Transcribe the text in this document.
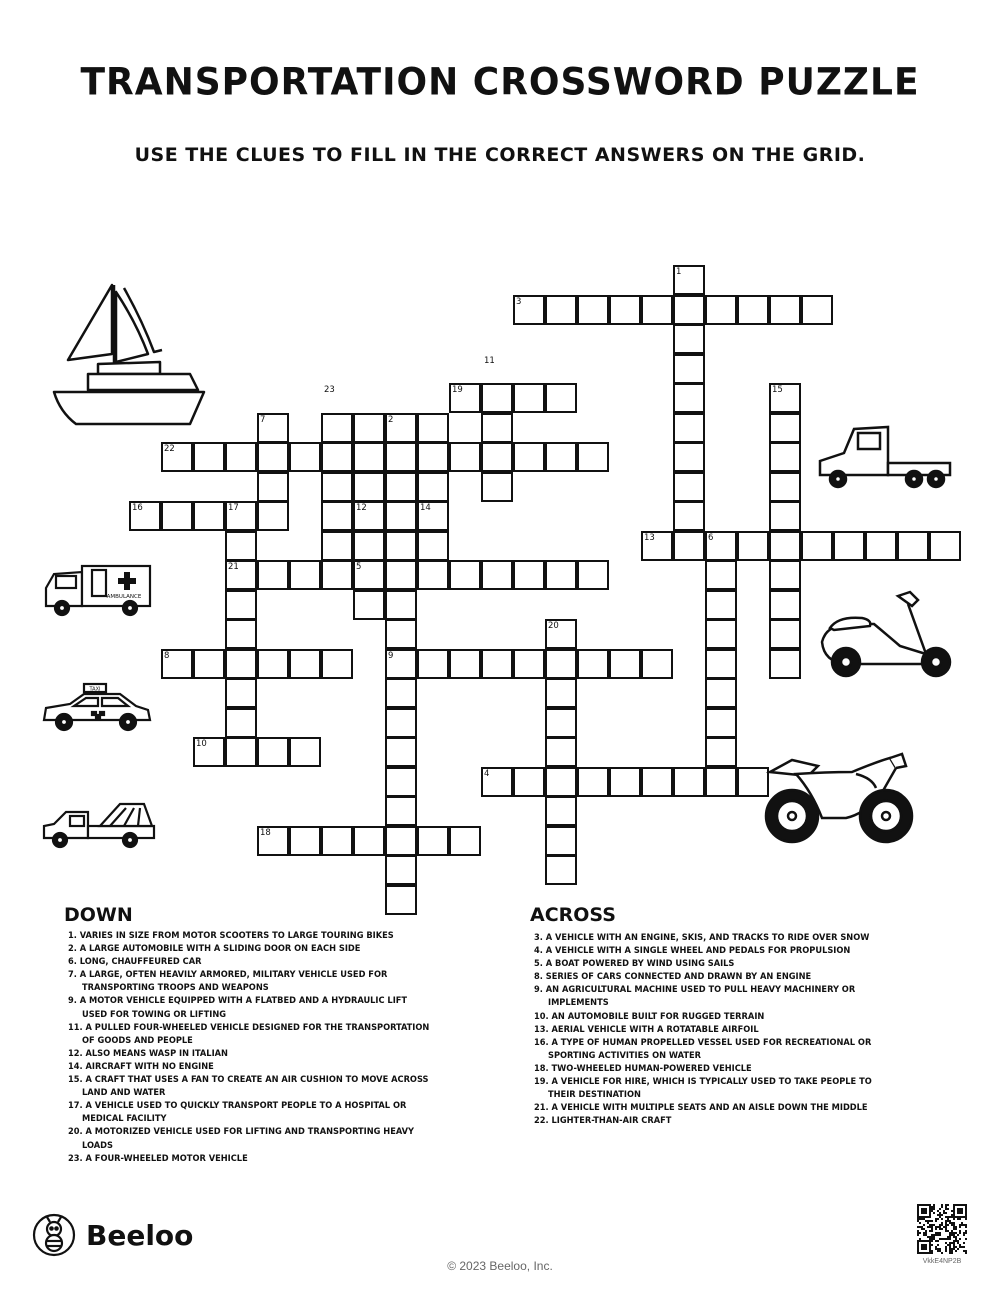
TRANSPORTATION CROSSWORD PUZZLE
USE THE CLUES TO FILL IN THE CORRECT ANSWERS ON THE GRID.
1
2
3
4
5
6
7
8	9
10
11
12
13
14
15
16	17
18
19
20
21
22
23
AMBULANCE
TAXI
DOWN	ACROSS
1. VARIES IN SIZE FROM MOTOR SCOOTERS TO LARGE TOURING BIKES
2. A LARGE AUTOMOBILE WITH A SLIDING DOOR ON EACH SIDE
6. LONG, CHAUFFEURED CAR
7. A LARGE, OFTEN HEAVILY ARMORED, MILITARY VEHICLE USED FOR TRANSPORTING TROOPS AND WEAPONS
9. A MOTOR VEHICLE EQUIPPED WITH A FLATBED AND A HYDRAULIC LIFT USED FOR TOWING OR LIFTING
11. A PULLED FOUR-WHEELED VEHICLE DESIGNED FOR THE TRANSPORTATION OF GOODS AND PEOPLE
12. ALSO MEANS WASP IN ITALIAN
14. AIRCRAFT WITH NO ENGINE
15. A CRAFT THAT USES A FAN TO CREATE AN AIR CUSHION TO MOVE ACROSS LAND AND WATER
17. A VEHICLE USED TO QUICKLY TRANSPORT PEOPLE TO A HOSPITAL OR MEDICAL FACILITY
20. A MOTORIZED VEHICLE USED FOR LIFTING AND TRANSPORTING HEAVY LOADS
23. A FOUR-WHEELED MOTOR VEHICLE
3. A VEHICLE WITH AN ENGINE, SKIS, AND TRACKS TO RIDE OVER SNOW
4. A VEHICLE WITH A SINGLE WHEEL AND PEDALS FOR PROPULSION
5. A BOAT POWERED BY WIND USING SAILS
8. SERIES OF CARS CONNECTED AND DRAWN BY AN ENGINE
9. AN AGRICULTURAL MACHINE USED TO PULL HEAVY MACHINERY OR IMPLEMENTS
10. AN AUTOMOBILE BUILT FOR RUGGED TERRAIN
13. AERIAL VEHICLE WITH A ROTATABLE AIRFOIL
16. A TYPE OF HUMAN PROPELLED VESSEL USED FOR RECREATIONAL OR SPORTING ACTIVITIES ON WATER
18. TWO-WHEELED HUMAN-POWERED VEHICLE
19. A VEHICLE FOR HIRE, WHICH IS TYPICALLY USED TO TAKE PEOPLE TO THEIR DESTINATION
21. A VEHICLE WITH MULTIPLE SEATS AND AN AISLE DOWN THE MIDDLE
22. LIGHTER-THAN-AIR CRAFT
Beeloo
© 2023 Beeloo, Inc.	VkkE4NP2B
